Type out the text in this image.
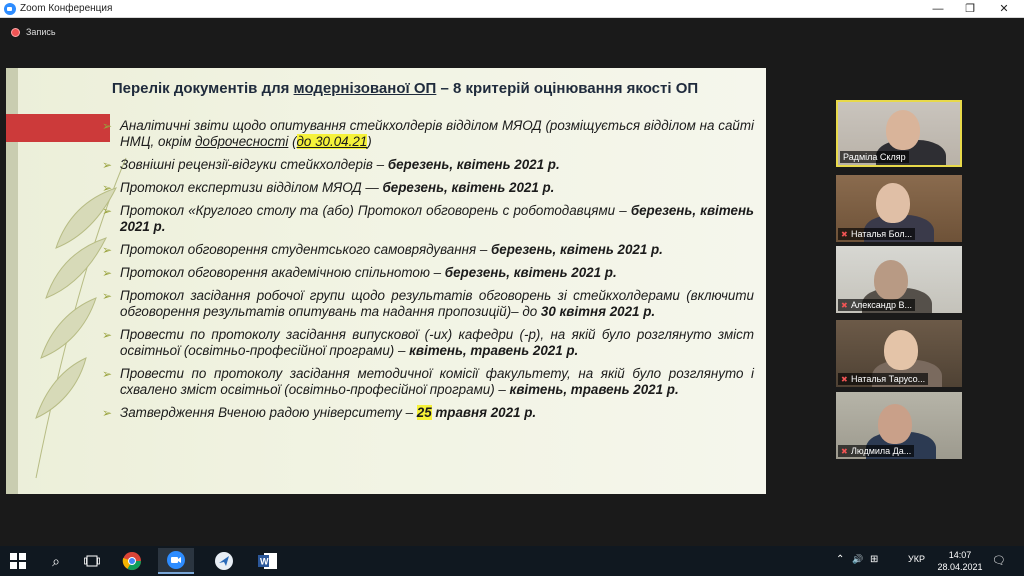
Zoom Конференция	—	❐	✕
Запись
Перелік документів для модернізованої ОП – 8 критерій оцінювання якості ОП
➢ Аналітичні звіти щодо опитування стейкхолдерів відділом МЯОД (розміщується відділом на сайті НМЦ, окрім доброчесності (до 30.04.21)
➢ Зовнішні рецензії-відгуки стейкхолдерів – березень, квітень 2021 р.
➢ Протокол експертизи відділом МЯОД — березень, квітень 2021 р.
➢ Протокол «Круглого столу та (або) Протокол обговорень с роботодавцями – березень, квітень 2021 р.
➢ Протокол обговорення студентського самоврядування – березень, квітень 2021 р.
➢ Протокол обговорення академічною спільнотою – березень, квітень 2021 р.
➢ Протокол засідання робочої групи щодо результатів обговорень зі стейкхолдерами (включити обговорення результатів опитувань та надання пропозицій)– до 30 квітня 2021 р.
➢ Провести по протоколу засідання випускової (-их) кафедри (-р), на якій було розглянуто зміст освітньої (освітньо-професійної програми) – квітень, травень 2021 р.
➢ Провести по протоколу засідання методичної комісії факультету, на якій було розглянуто і схвалено зміст освітньої (освітньо-професійної програми) – квітень, травень 2021 р.
➢ Затвердження Вченою радою університету – 25 травня 2021 р.
Радміла Скляр
✖ Наталья Бол...
✖ Александр В...
✖ Наталья Тарусо...
✖ Людмила Да...
⌕	W	⌃ 🔊 ⊞	УКР	14:07
28.04.2021 🗨
